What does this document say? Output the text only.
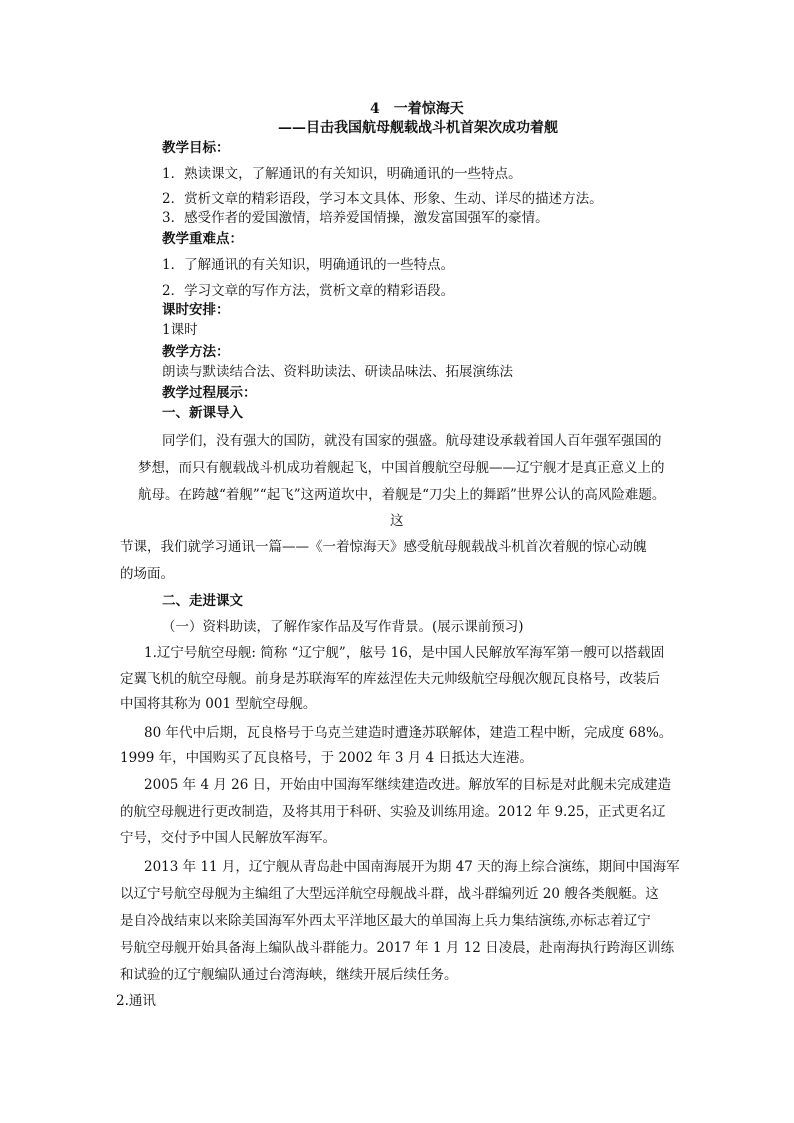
4　一着惊海天
——目击我国航母舰载战斗机首架次成功着舰
教学目标：
1．熟读课文，了解通讯的有关知识，明确通讯的一些特点。
2．赏析文章的精彩语段，学习本文具体、形象、生动、详尽的描述方法。
3．感受作者的爱国激情，培养爱国情操，激发富国强军的豪情。
教学重难点：
1．了解通讯的有关知识，明确通讯的一些特点。
2．学习文章的写作方法，赏析文章的精彩语段。
课时安排：
1课时
教学方法：
朗读与默读结合法、资料助读法、研读品味法、拓展演练法
教学过程展示：
一、新课导入
同学们，没有强大的国防，就没有国家的强盛。航母建设承载着国人百年强军强国的
梦想，而只有舰载战斗机成功着舰起飞，中国首艘航空母舰——辽宁舰才是真正意义上的
航母。在跨越“着舰”“起飞”这两道坎中，着舰是“刀尖上的舞蹈”世界公认的高风险难题。
这
节课，我们就学习通讯一篇——《一着惊海天》感受航母舰载战斗机首次着舰的惊心动魄
的场面。
二、走进课文
（一）资料助读，了解作家作品及写作背景。(展示课前预习)
1.辽宁号航空母舰: 简称 “辽宁舰”，舷号 16，是中国人民解放军海军第一艘可以搭载固
定翼飞机的航空母舰。前身是苏联海军的库兹涅佐夫元帅级航空母舰次舰瓦良格号，改装后
中国将其称为 001 型航空母舰。
80 年代中后期，瓦良格号于乌克兰建造时遭逢苏联解体，建造工程中断，完成度 68%。
1999 年，中国购买了瓦良格号，于 2002 年 3 月 4 日抵达大连港。
2005 年 4 月 26 日，开始由中国海军继续建造改进。解放军的目标是对此舰未完成建造
的航空母舰进行更改制造，及将其用于科研、实验及训练用途。2012 年 9.25，正式更名辽
宁号，交付予中国人民解放军海军。
2013 年 11 月，辽宁舰从青岛赴中国南海展开为期 47 天的海上综合演练，期间中国海军
以辽宁号航空母舰为主编组了大型远洋航空母舰战斗群，战斗群编列近 20 艘各类舰艇。这
是自冷战结束以来除美国海军外西太平洋地区最大的单国海上兵力集结演练,亦标志着辽宁
号航空母舰开始具备海上编队战斗群能力。2017 年 1 月 12 日凌晨，赴南海执行跨海区训练
和试验的辽宁舰编队通过台湾海峡，继续开展后续任务。
2.通讯
